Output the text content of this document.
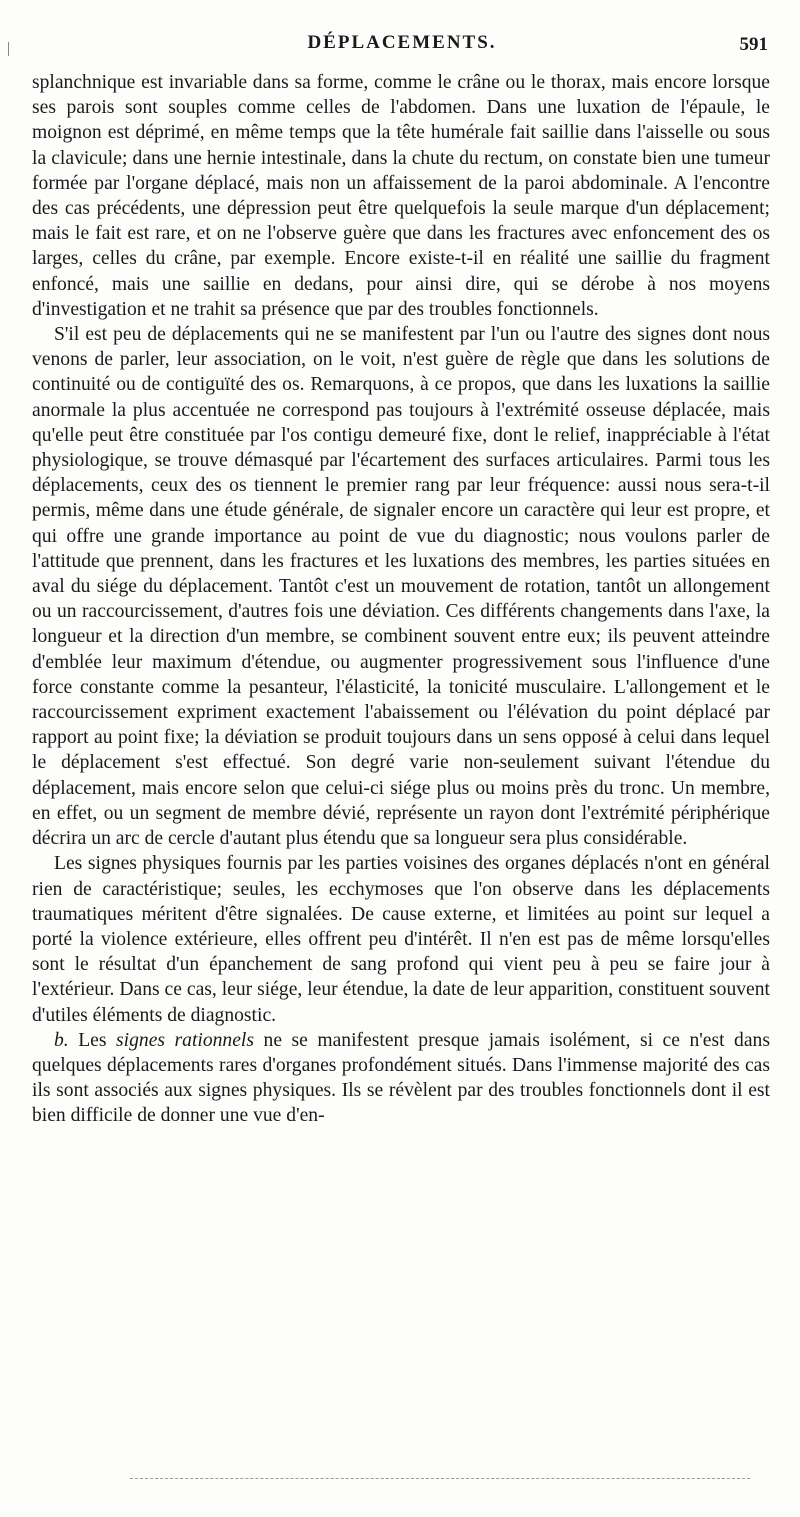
DÉPLACEMENTS.	591

splanchnique est invariable dans sa forme, comme le crâne ou le thorax, mais encore lorsque ses parois sont souples comme celles de l'abdomen. Dans une luxation de l'épaule, le moignon est déprimé, en même temps que la tête humérale fait saillie dans l'aisselle ou sous la clavicule; dans une hernie intestinale, dans la chute du rectum, on constate bien une tumeur formée par l'organe déplacé, mais non un affaissement de la paroi abdominale. A l'encontre des cas précédents, une dépression peut être quelquefois la seule marque d'un déplacement; mais le fait est rare, et on ne l'observe guère que dans les fractures avec enfoncement des os larges, celles du crâne, par exemple. Encore existe-t-il en réalité une saillie du fragment enfoncé, mais une saillie en dedans, pour ainsi dire, qui se dérobe à nos moyens d'investigation et ne trahit sa présence que par des troubles fonctionnels.

S'il est peu de déplacements qui ne se manifestent par l'un ou l'autre des signes dont nous venons de parler, leur association, on le voit, n'est guère de règle que dans les solutions de continuité ou de contiguïté des os. Remarquons, à ce propos, que dans les luxations la saillie anormale la plus accentuée ne correspond pas toujours à l'extrémité osseuse déplacée, mais qu'elle peut être constituée par l'os contigu demeuré fixe, dont le relief, inappréciable à l'état physiologique, se trouve démasqué par l'écartement des surfaces articulaires. Parmi tous les déplacements, ceux des os tiennent le premier rang par leur fréquence: aussi nous sera-t-il permis, même dans une étude générale, de signaler encore un caractère qui leur est propre, et qui offre une grande importance au point de vue du diagnostic; nous voulons parler de l'attitude que prennent, dans les fractures et les luxations des membres, les parties situées en aval du siége du déplacement. Tantôt c'est un mouvement de rotation, tantôt un allongement ou un raccourcissement, d'autres fois une déviation. Ces différents changements dans l'axe, la longueur et la direction d'un membre, se combinent souvent entre eux; ils peuvent atteindre d'emblée leur maximum d'étendue, ou augmenter progressivement sous l'influence d'une force constante comme la pesanteur, l'élasticité, la tonicité musculaire. L'allongement et le raccourcissement expriment exactement l'abaissement ou l'élévation du point déplacé par rapport au point fixe; la déviation se produit toujours dans un sens opposé à celui dans lequel le déplacement s'est effectué. Son degré varie non-seulement suivant l'étendue du déplacement, mais encore selon que celui-ci siége plus ou moins près du tronc. Un membre, en effet, ou un segment de membre dévié, représente un rayon dont l'extrémité périphérique décrira un arc de cercle d'autant plus étendu que sa longueur sera plus considérable.

Les signes physiques fournis par les parties voisines des organes déplacés n'ont en général rien de caractéristique; seules, les ecchymoses que l'on observe dans les déplacements traumatiques méritent d'être signalées. De cause externe, et limitées au point sur lequel a porté la violence extérieure, elles offrent peu d'intérêt. Il n'en est pas de même lorsqu'elles sont le résultat d'un épanchement de sang profond qui vient peu à peu se faire jour à l'extérieur. Dans ce cas, leur siége, leur étendue, la date de leur apparition, constituent souvent d'utiles éléments de diagnostic.

b. Les signes rationnels ne se manifestent presque jamais isolément, si ce n'est dans quelques déplacements rares d'organes profondément situés. Dans l'immense majorité des cas ils sont associés aux signes physiques. Ils se révèlent par des troubles fonctionnels dont il est bien difficile de donner une vue d'en-
